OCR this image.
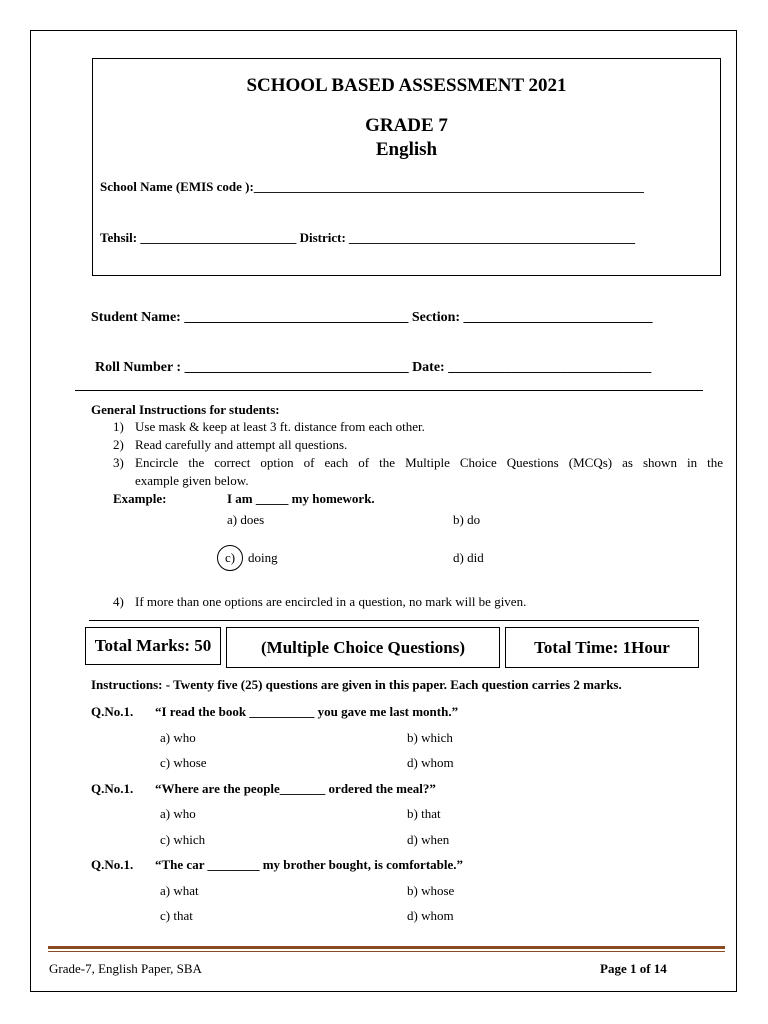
SCHOOL BASED ASSESSMENT 2021
GRADE 7
English
School Name (EMIS code ):____________________________________________________________
Tehsil: ________________________ District: ____________________________________________
Student Name: ________________________________ Section: ___________________________
Roll Number : ________________________________ Date: _____________________________
General Instructions for students:
1) Use mask & keep at least 3 ft. distance from each other.
2) Read carefully and attempt all questions.
3) Encircle the correct option of each of the Multiple Choice Questions (MCQs) as shown in the
example given below.
Example:	I am _____ my homework.
a) does	b) do
c) doing	d) did
4) If more than one options are encircled in a question, no mark will be given.
Total Marks: 50	(Multiple Choice Questions)	Total Time: 1Hour
Instructions: - Twenty five (25) questions are given in this paper. Each question carries 2 marks.
Q.No.1. “I read the book __________ you gave me last month.”
a) who	b) which
c) whose	d) whom
Q.No.1. “Where are the people_______ ordered the meal?”
a) who	b) that
c) which	d) when
Q.No.1. “The car ________ my brother bought, is comfortable.”
a) what	b) whose
c) that	d) whom
Grade-7, English Paper, SBA	Page 1 of 14
